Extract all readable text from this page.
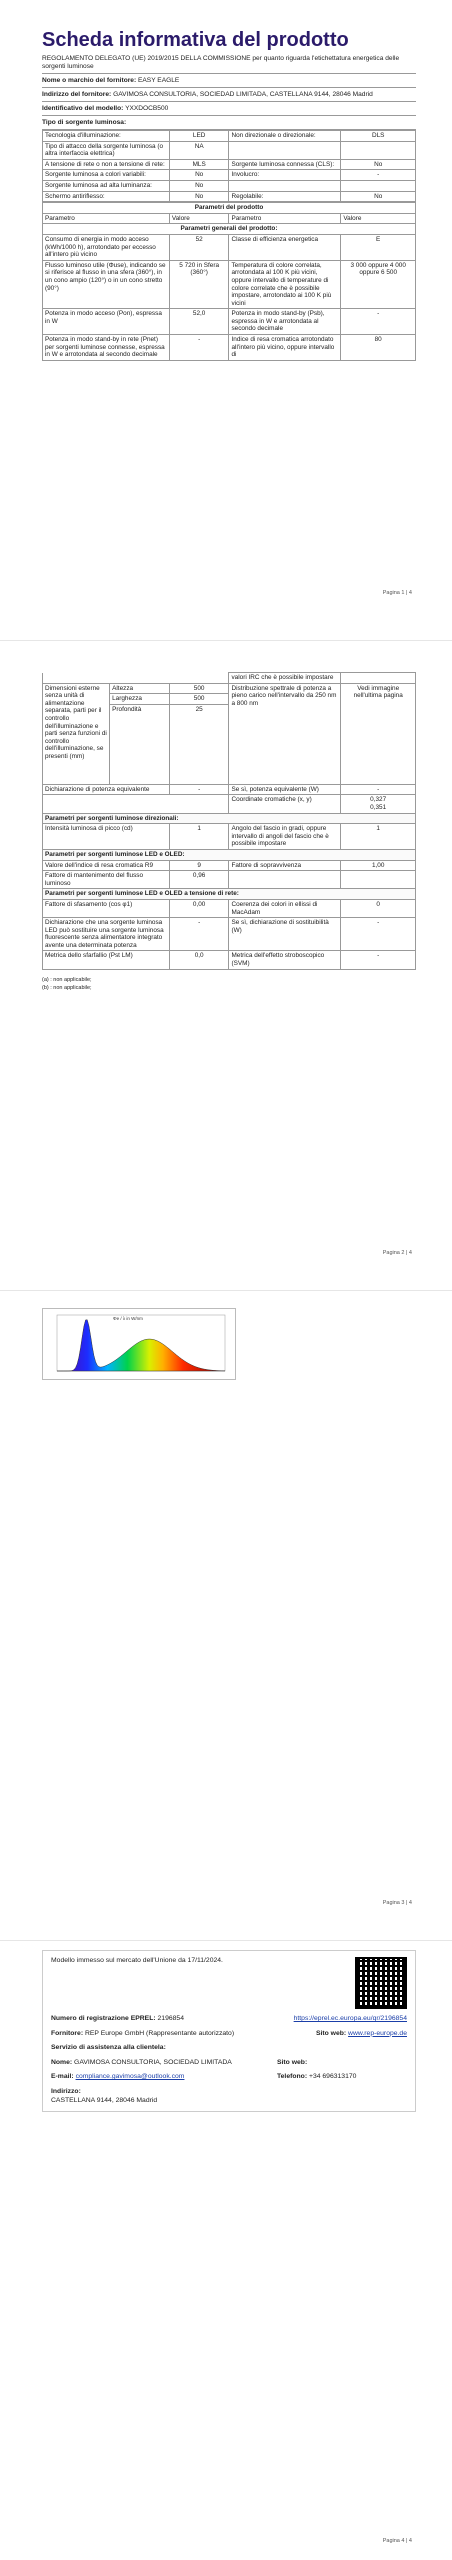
Scheda informativa del prodotto
REGOLAMENTO DELEGATO (UE) 2019/2015 DELLA COMMISSIONE per quanto riguarda l'etichettatura energetica delle sorgenti luminose
Nome o marchio del fornitore: EASY EAGLE
Indirizzo del fornitore: GAVIMOSA CONSULTORIA, SOCIEDAD LIMITADA, CASTELLANA 9144, 28046 Madrid
Identificativo del modello: YXXDOCB500
Tipo di sorgente luminosa:
Tecnologia d'illuminazione:	LED	Non direzionale o direzionale:	DLS
Tipo di attacco della sorgente luminosa (o altra interfaccia elettrica)	NA		
A tensione di rete o non a tensione di rete:	MLS	Sorgente luminosa connessa (CLS):	No
Sorgente luminosa a colori variabili:	No	Involucro:	-
Sorgente luminosa ad alta luminanza:	No		
Schermo antiriflesso:	No	Regolabile:	No
Parametri del prodotto			
Parametro	Valore	Parametro	Valore
Parametri generali del prodotto:			
Consumo di energia in modo acceso (kWh/1000 h), arrotondato per eccesso all'intero più vicino	52	Classe di efficienza energetica	E
Flusso luminoso utile (Φuse), indicando se si riferisce al flusso in una sfera (360°), in un cono ampio (120°) o in un cono stretto (90°)	5 720 in Sfera (360°)	Temperatura di colore correlata, arrotondata al 100 K più vicini, oppure intervallo di temperature di colore correlate che è possibile impostare, arrotondato ai 100 K più vicini	3 000 oppure 4 000 oppure 6 500
Potenza in modo acceso (Pon), espressa in W	52,0	Potenza in modo stand-by (Psb), espressa in W e arrotondata al secondo decimale	-
Potenza in modo stand-by in rete (Pnet) per sorgenti luminose connesse, espressa in W e arrotondata al secondo decimale	-	Indice di resa cromatica arrotondato all'intero più vicino, oppure intervallo di	80
Pagina 1 | 4
			valori IRC che è possibile impostare	
Dimensioni esterne senza unità di alimentazione separata, parti per il controllo dell'illuminazione e parti senza funzioni di controllo dell'illuminazione, se presenti (mm)	Altezza	500	Distribuzione spettrale di potenza a pieno carico nell'intervallo da 250 nm a 800 nm	Vedi immagine nell'ultima pagina
	Larghezza	500		
	Profondità	25		
Dichiarazione di potenza equivalente		-	Se sì, potenza equivalente (W)	-
			Coordinate cromatiche (x, y)	0,327
0,351

Parametri per sorgenti luminose direzionali:				
Intensità luminosa di picco (cd)		1	Angolo del fascio in gradi, oppure intervallo di angoli del fascio che è possibile impostare	1
Parametri per sorgenti luminose LED e OLED:				
Valore dell'indice di resa cromatica R9		9	Fattore di sopravvivenza	1,00
Fattore di mantenimento del flusso luminoso		0,96		
Parametri per sorgenti luminose LED e OLED a tensione di rete:				
Fattore di sfasamento (cos φ1)		0,00	Coerenza dei colori in ellissi di MacAdam	0
Dichiarazione che una sorgente luminosa LED può sostituire una sorgente luminosa fluorescente senza alimentatore integrato avente una determinata potenza		-	Se sì, dichiarazione di sostituibilità (W)	-
Metrica dello sfarfallio (Pst LM)		0,0	Metrica dell'effetto stroboscopico (SVM)	-
(a) : non applicabile;
(b) : non applicabile;
Pagina 2 | 4
Φe / λ in W/nm
Pagina 3 | 4
Modello immesso sul mercato dell'Unione da 17/11/2024.
Numero di registrazione EPREL: 2196854	https://eprel.ec.europa.eu/qr/2196854
Fornitore: REP Europe GmbH (Rappresentante autorizzato)	Sito web: www.rep-europe.de
Servizio di assistenza alla clientela:
Nome: GAVIMOSA CONSULTORIA, SOCIEDAD LIMITADA	Sito web:
E-mail: compliance.gavimosa@outlook.com	Telefono: +34 696313170
Indirizzo:
CASTELLANA 9144, 28046 Madrid
Pagina 4 | 4
